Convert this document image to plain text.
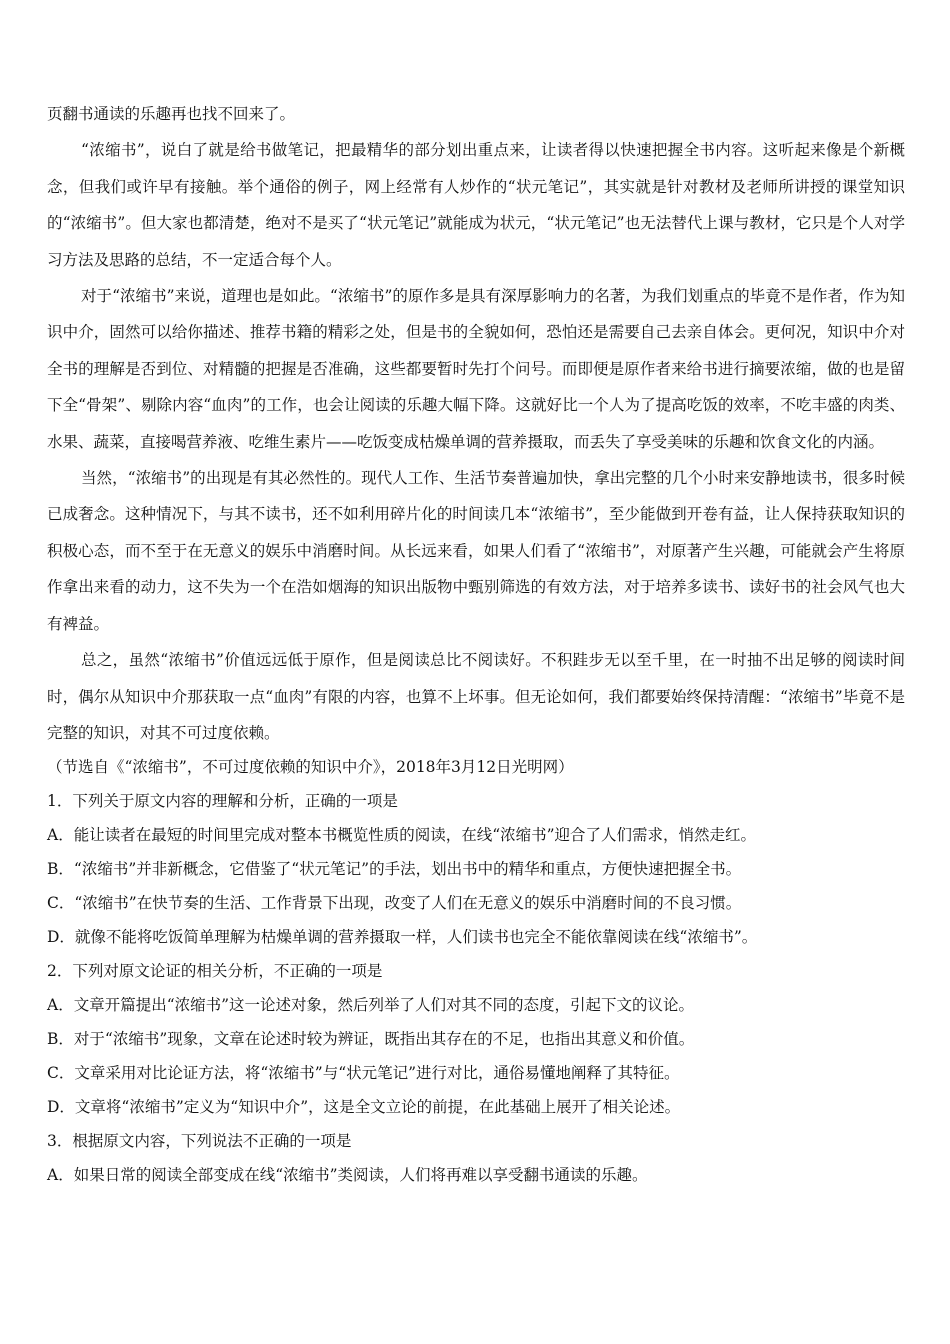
页翻书通读的乐趣再也找不回来了。

“浓缩书”，说白了就是给书做笔记，把最精华的部分划出重点来，让读者得以快速把握全书内容。这听起来像是个新概念，但我们或许早有接触。举个通俗的例子，网上经常有人炒作的“状元笔记”，其实就是针对教材及老师所讲授的课堂知识的“浓缩书”。但大家也都清楚，绝对不是买了“状元笔记”就能成为状元，“状元笔记”也无法替代上课与教材，它只是个人对学习方法及思路的总结，不一定适合每个人。

对于“浓缩书”来说，道理也是如此。“浓缩书”的原作多是具有深厚影响力的名著，为我们划重点的毕竟不是作者，作为知识中介，固然可以给你描述、推荐书籍的精彩之处，但是书的全貌如何，恐怕还是需要自己去亲自体会。更何况，知识中介对全书的理解是否到位、对精髓的把握是否准确，这些都要暂时先打个问号。而即便是原作者来给书进行摘要浓缩，做的也是留下全“骨架”、剔除内容“血肉”的工作，也会让阅读的乐趣大幅下降。这就好比一个人为了提高吃饭的效率，不吃丰盛的肉类、水果、蔬菜，直接喝营养液、吃维生素片——吃饭变成枯燥单调的营养摄取，而丢失了享受美味的乐趣和饮食文化的内涵。

当然，“浓缩书”的出现是有其必然性的。现代人工作、生活节奏普遍加快，拿出完整的几个小时来安静地读书，很多时候已成奢念。这种情况下，与其不读书，还不如利用碎片化的时间读几本“浓缩书”，至少能做到开卷有益，让人保持获取知识的积极心态，而不至于在无意义的娱乐中消磨时间。从长远来看，如果人们看了“浓缩书”，对原著产生兴趣，可能就会产生将原作拿出来看的动力，这不失为一个在浩如烟海的知识出版物中甄别筛选的有效方法，对于培养多读书、读好书的社会风气也大有裨益。

总之，虽然“浓缩书”价值远远低于原作，但是阅读总比不阅读好。不积跬步无以至千里，在一时抽不出足够的阅读时间时，偶尔从知识中介那获取一点“血肉”有限的内容，也算不上坏事。但无论如何，我们都要始终保持清醒：“浓缩书”毕竟不是完整的知识，对其不可过度依赖。

（节选自《“浓缩书”，不可过度依赖的知识中介》，2018年3月12日光明网）

1．下列关于原文内容的理解和分析，正确的一项是

A．能让读者在最短的时间里完成对整本书概览性质的阅读，在线“浓缩书”迎合了人们需求，悄然走红。

B．“浓缩书”并非新概念，它借鉴了“状元笔记”的手法，划出书中的精华和重点，方便快速把握全书。

C．“浓缩书”在快节奏的生活、工作背景下出现，改变了人们在无意义的娱乐中消磨时间的不良习惯。

D．就像不能将吃饭简单理解为枯燥单调的营养摄取一样，人们读书也完全不能依靠阅读在线“浓缩书”。

2．下列对原文论证的相关分析，不正确的一项是

A．文章开篇提出“浓缩书”这一论述对象，然后列举了人们对其不同的态度，引起下文的议论。

B．对于“浓缩书”现象，文章在论述时较为辨证，既指出其存在的不足，也指出其意义和价值。

C．文章采用对比论证方法，将“浓缩书”与“状元笔记”进行对比，通俗易懂地阐释了其特征。

D．文章将“浓缩书”定义为“知识中介”，这是全文立论的前提，在此基础上展开了相关论述。

3．根据原文内容，下列说法不正确的一项是

A．如果日常的阅读全部变成在线“浓缩书”类阅读，人们将再难以享受翻书通读的乐趣。
